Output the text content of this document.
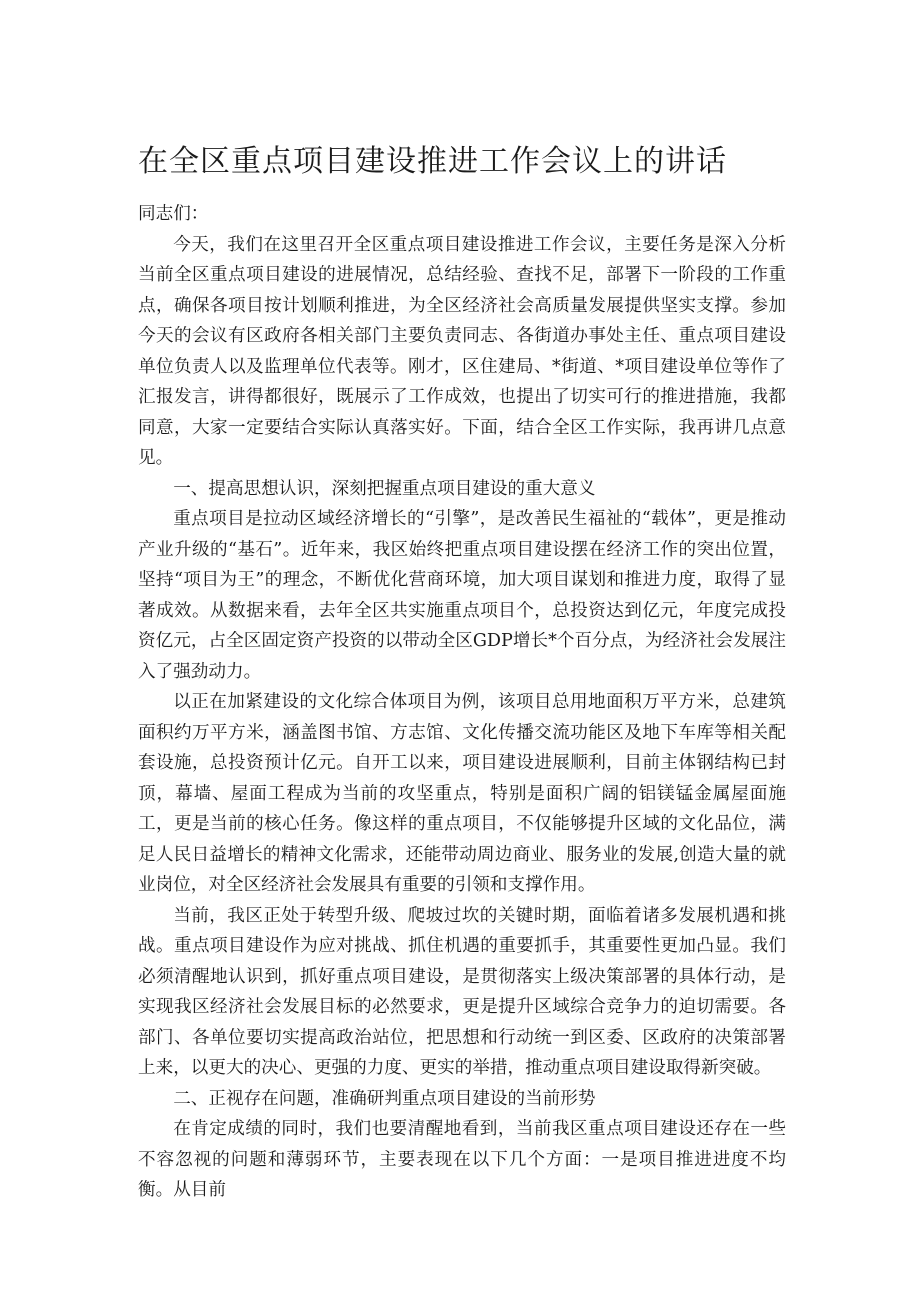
在全区重点项目建设推进工作会议上的讲话

同志们：

今天，我们在这里召开全区重点项目建设推进工作会议，主要任务是深入分析当前全区重点项目建设的进展情况，总结经验、查找不足，部署下一阶段的工作重点，确保各项目按计划顺利推进，为全区经济社会高质量发展提供坚实支撑。参加今天的会议有区政府各相关部门主要负责同志、各街道办事处主任、重点项目建设单位负责人以及监理单位代表等。刚才，区住建局、*街道、*项目建设单位等作了汇报发言，讲得都很好，既展示了工作成效，也提出了切实可行的推进措施，我都同意，大家一定要结合实际认真落实好。下面，结合全区工作实际，我再讲几点意见。

一、提高思想认识，深刻把握重点项目建设的重大意义

重点项目是拉动区域经济增长的“引擎”，是改善民生福祉的“载体”，更是推动产业升级的“基石”。近年来，我区始终把重点项目建设摆在经济工作的突出位置，坚持“项目为王”的理念，不断优化营商环境，加大项目谋划和推进力度，取得了显著成效。从数据来看，去年全区共实施重点项目个，总投资达到亿元，年度完成投资亿元，占全区固定资产投资的以带动全区GDP增长*个百分点，为经济社会发展注入了强劲动力。

以正在加紧建设的文化综合体项目为例，该项目总用地面积万平方米，总建筑面积约万平方米，涵盖图书馆、方志馆、文化传播交流功能区及地下车库等相关配套设施，总投资预计亿元。自开工以来，项目建设进展顺利，目前主体钢结构已封顶，幕墙、屋面工程成为当前的攻坚重点，特别是面积广阔的铝镁锰金属屋面施工，更是当前的核心任务。像这样的重点项目，不仅能够提升区域的文化品位，满足人民日益增长的精神文化需求，还能带动周边商业、服务业的发展,创造大量的就业岗位，对全区经济社会发展具有重要的引领和支撑作用。

当前，我区正处于转型升级、爬坡过坎的关键时期，面临着诸多发展机遇和挑战。重点项目建设作为应对挑战、抓住机遇的重要抓手，其重要性更加凸显。我们必须清醒地认识到，抓好重点项目建设，是贯彻落实上级决策部署的具体行动，是实现我区经济社会发展目标的必然要求，更是提升区域综合竞争力的迫切需要。各部门、各单位要切实提高政治站位，把思想和行动统一到区委、区政府的决策部署上来，以更大的决心、更强的力度、更实的举措，推动重点项目建设取得新突破。

二、正视存在问题，准确研判重点项目建设的当前形势

在肯定成绩的同时，我们也要清醒地看到，当前我区重点项目建设还存在一些不容忽视的问题和薄弱环节，主要表现在以下几个方面：一是项目推进进度不均衡。从目前
